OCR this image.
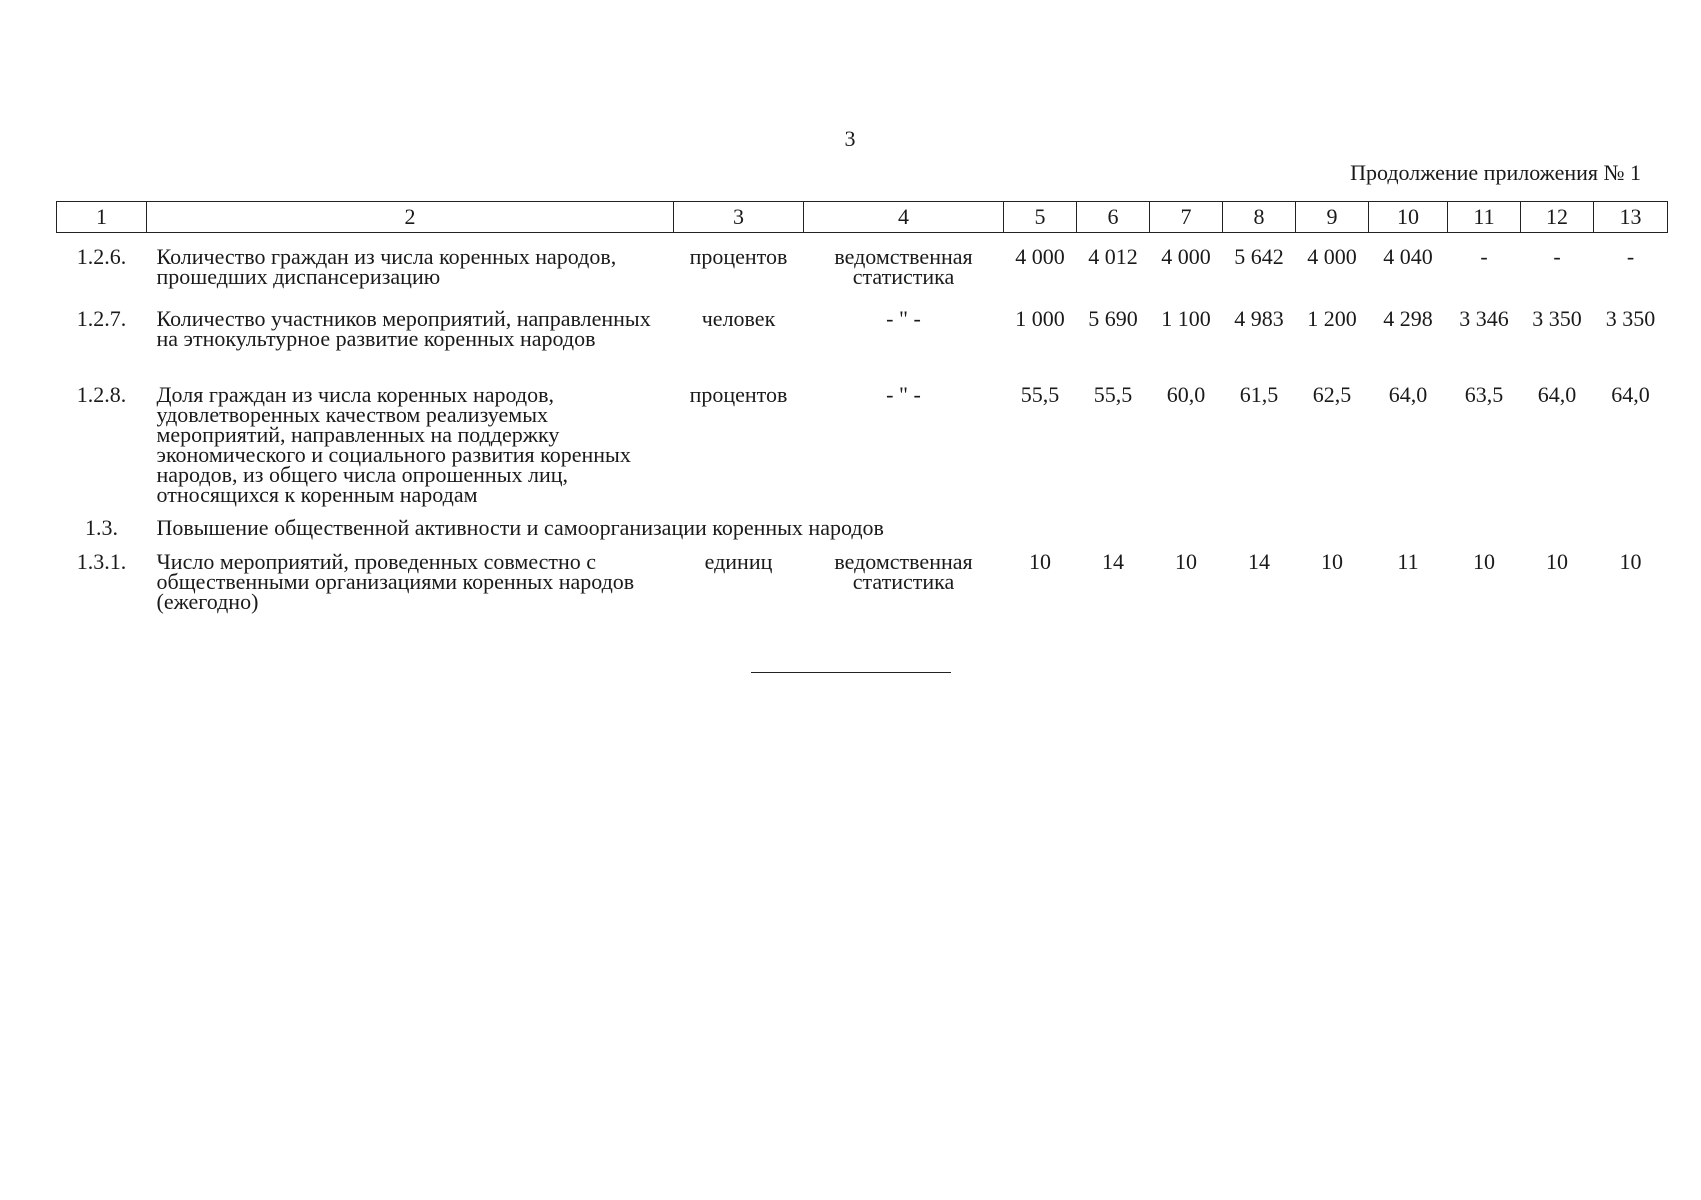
3
Продолжение приложения № 1
1	2	3	4	5	6	7	8	9	10	11	12	13
1.2.6.	Количество граждан из числа коренных народов, прошедших диспансеризацию	процентов	ведомственная статистика	4 000	4 012	4 000	5 642	4 000	4 040	-	-	-
1.2.7.	Количество участников мероприятий, направленных на этнокультурное развитие коренных народов	человек	- " -	1 000	5 690	1 100	4 983	1 200	4 298	3 346	3 350	3 350
1.2.8.	Доля граждан из числа коренных народов, удовлетворенных качеством реализуемых мероприятий, направленных на поддержку экономического и социального развития коренных народов, из общего числа опрошенных лиц, относящихся к коренным народам	процентов	- " -	55,5	55,5	60,0	61,5	62,5	64,0	63,5	64,0	64,0
1.3.	Повышение общественной активности и самоорганизации коренных народов											
1.3.1.	Число мероприятий, проведенных совместно с общественными организациями коренных народов (ежегодно)	единиц	ведомственная статистика	10	14	10	14	10	11	10	10	10
